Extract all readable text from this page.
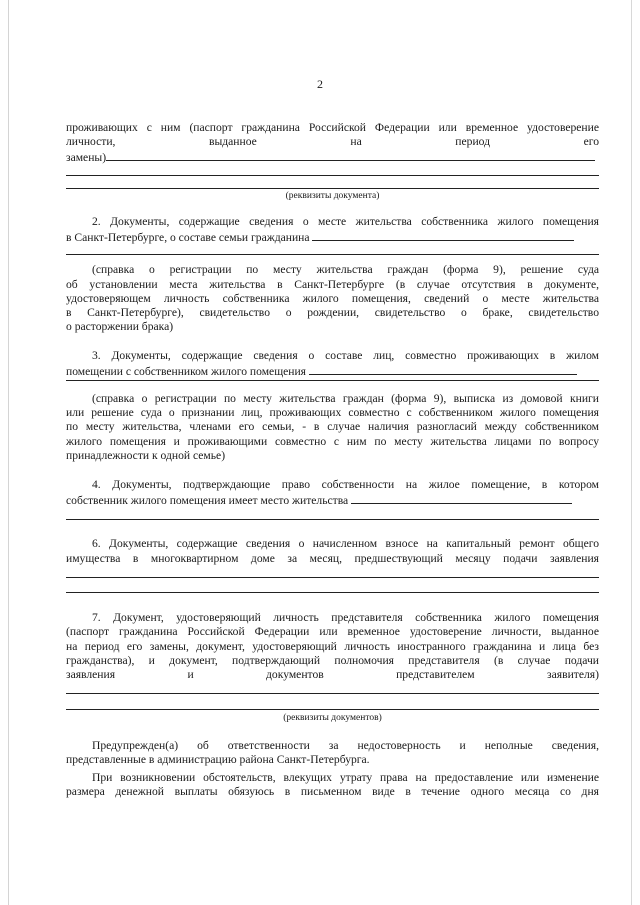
2
проживающих с ним (паспорт гражданина Российской Федерации или временное удостоверение
личности,	выданное	на	период	его
замены)
(реквизиты документа)
2. Документы, содержащие сведения о месте жительства собственника жилого помещения
в Санкт-Петербурге, о составе семьи гражданина
(справка о регистрации по месту жительства граждан (форма 9), решение суда
об установлении места жительства в Санкт-Петербурге (в случае отсутствия в документе,
удостоверяющем личность собственника жилого помещения, сведений о месте жительства
в Санкт-Петербурге), свидетельство о рождении, свидетельство о браке, свидетельство
о расторжении брака)
3. Документы, содержащие сведения о составе лиц, совместно проживающих в жилом
помещении с собственником жилого помещения
(справка о регистрации по месту жительства граждан (форма 9), выписка из домовой книги
или решение суда о признании лиц, проживающих совместно с собственником жилого помещения
по месту жительства, членами его семьи, - в случае наличия разногласий между собственником
жилого помещения и проживающими совместно с ним по месту жительства лицами по вопросу
принадлежности к одной семье)
4. Документы, подтверждающие право собственности на жилое помещение, в котором
собственник жилого помещения имеет место жительства
6. Документы, содержащие сведения о начисленном взносе на капитальный ремонт общего
имущества в многоквартирном доме за месяц, предшествующий месяцу подачи заявления
7. Документ, удостоверяющий личность представителя собственника жилого помещения
(паспорт гражданина Российской Федерации или временное удостоверение личности, выданное
на период его замены, документ, удостоверяющий личность иностранного гражданина и лица без
гражданства), и документ, подтверждающий полномочия представителя (в случае подачи
заявления	и	документов	представителем	заявителя)
(реквизиты документов)
Предупрежден(а) об ответственности за недостоверность и неполные сведения,
представленные в администрацию района Санкт-Петербурга.
При возникновении обстоятельств, влекущих утрату права на предоставление или изменение
размера денежной выплаты обязуюсь в письменном виде в течение одного месяца со дня
